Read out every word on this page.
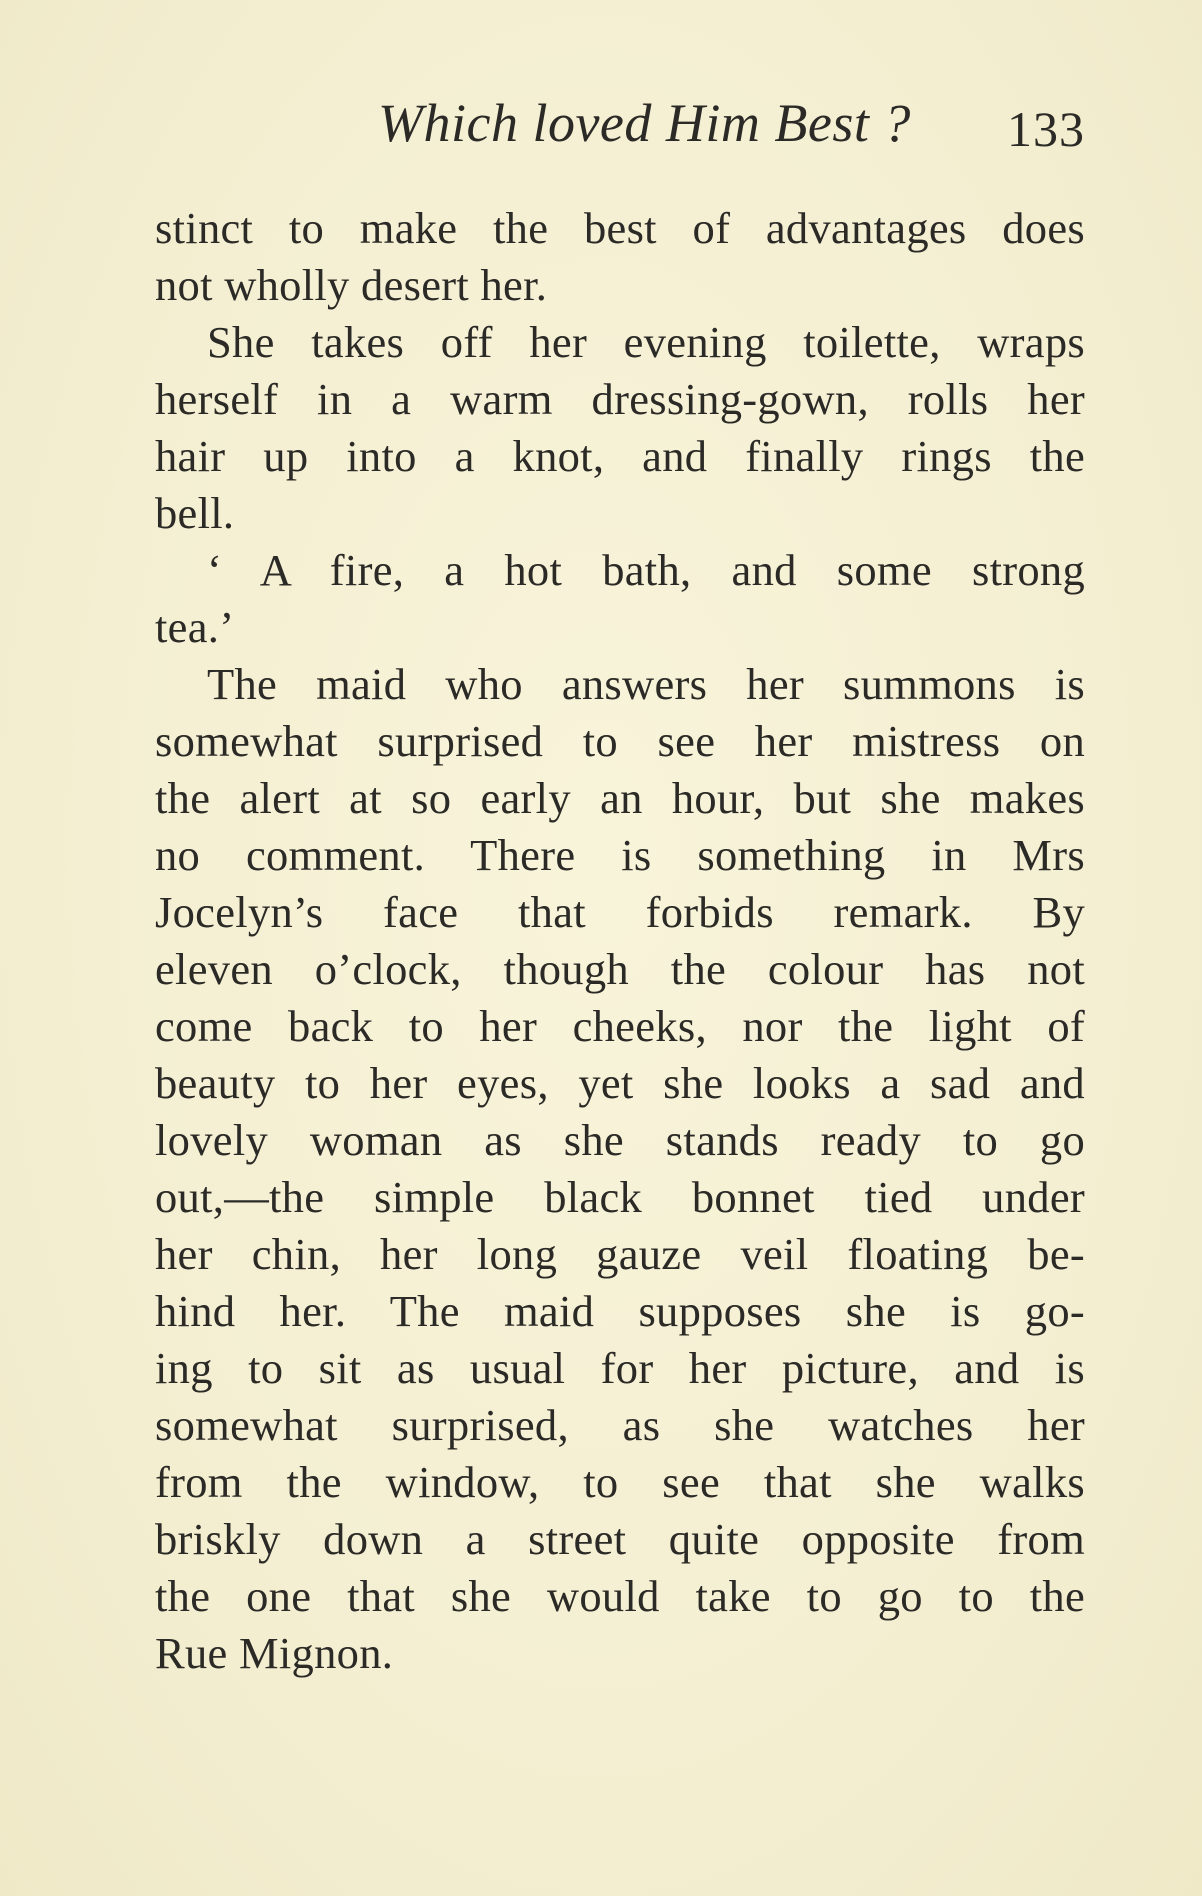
Which loved Him Best ? 133
stinct to make the best of advantages does
not wholly desert her.
She takes off her evening toilette, wraps
herself in a warm dressing-gown, rolls her
hair up into a knot, and finally rings the
bell.
‘ A fire, a hot bath, and some strong
tea.’
The maid who answers her summons is
somewhat surprised to see her mistress on
the alert at so early an hour, but she makes
no comment. There is something in Mrs
Jocelyn’s face that forbids remark. By
eleven o’clock, though the colour has not
come back to her cheeks, nor the light of
beauty to her eyes, yet she looks a sad and
lovely woman as she stands ready to go
out,—the simple black bonnet tied under
her chin, her long gauze veil floating be-
hind her. The maid supposes she is go-
ing to sit as usual for her picture, and is
somewhat surprised, as she watches her
from the window, to see that she walks
briskly down a street quite opposite from
the one that she would take to go to the
Rue Mignon.
